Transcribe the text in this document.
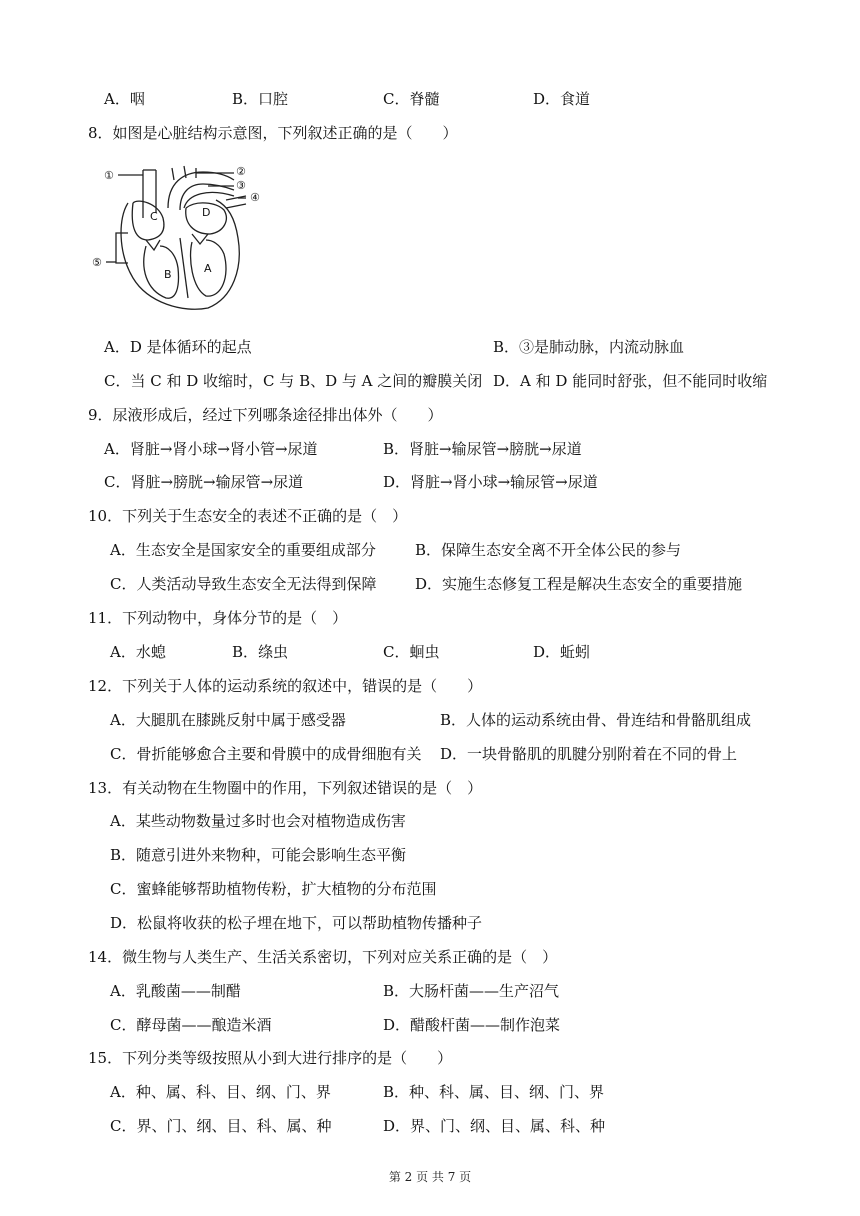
A．咽	B．口腔	C．脊髓	D．食道
8．如图是心脏结构示意图，下列叙述正确的是（　　）
①	②
③
④
⑤
C	D
B	A
A．D 是体循环的起点	B．③是肺动脉，内流动脉血
C．当 C 和 D 收缩时，C 与 B、D 与 A 之间的瓣膜关闭 D．A 和 D 能同时舒张，但不能同时收缩
9．尿液形成后，经过下列哪条途径排出体外（　　）
A．肾脏→肾小球→肾小管→尿道	B．肾脏→输尿管→膀胱→尿道
C．肾脏→膀胱→输尿管→尿道	D．肾脏→肾小球→输尿管→尿道
10．下列关于生态安全的表述不正确的是（　）
A．生态安全是国家安全的重要组成部分	B．保障生态安全离不开全体公民的参与
C．人类活动导致生态安全无法得到保障	D．实施生态修复工程是解决生态安全的重要措施
11．下列动物中，身体分节的是（　）
A．水螅	B．绦虫	C．蛔虫	D．蚯蚓
12．下列关于人体的运动系统的叙述中，错误的是（　　）
A．大腿肌在膝跳反射中属于感受器	B．人体的运动系统由骨、骨连结和骨骼肌组成
C．骨折能够愈合主要和骨膜中的成骨细胞有关 D．一块骨骼肌的肌腱分别附着在不同的骨上
13．有关动物在生物圈中的作用，下列叙述错误的是（　）
A．某些动物数量过多时也会对植物造成伤害
B．随意引进外来物种，可能会影响生态平衡
C．蜜蜂能够帮助植物传粉，扩大植物的分布范围
D．松鼠将收获的松子埋在地下，可以帮助植物传播种子
14．微生物与人类生产、生活关系密切，下列对应关系正确的是（　）
A．乳酸菌——制醋	B．大肠杆菌——生产沼气
C．酵母菌——酿造米酒	D．醋酸杆菌——制作泡菜
15．下列分类等级按照从小到大进行排序的是（　　）
A．种、属、科、目、纲、门、界	B．种、科、属、目、纲、门、界
C．界、门、纲、目、科、属、种	D．界、门、纲、目、属、科、种
第 2 页 共 7 页
